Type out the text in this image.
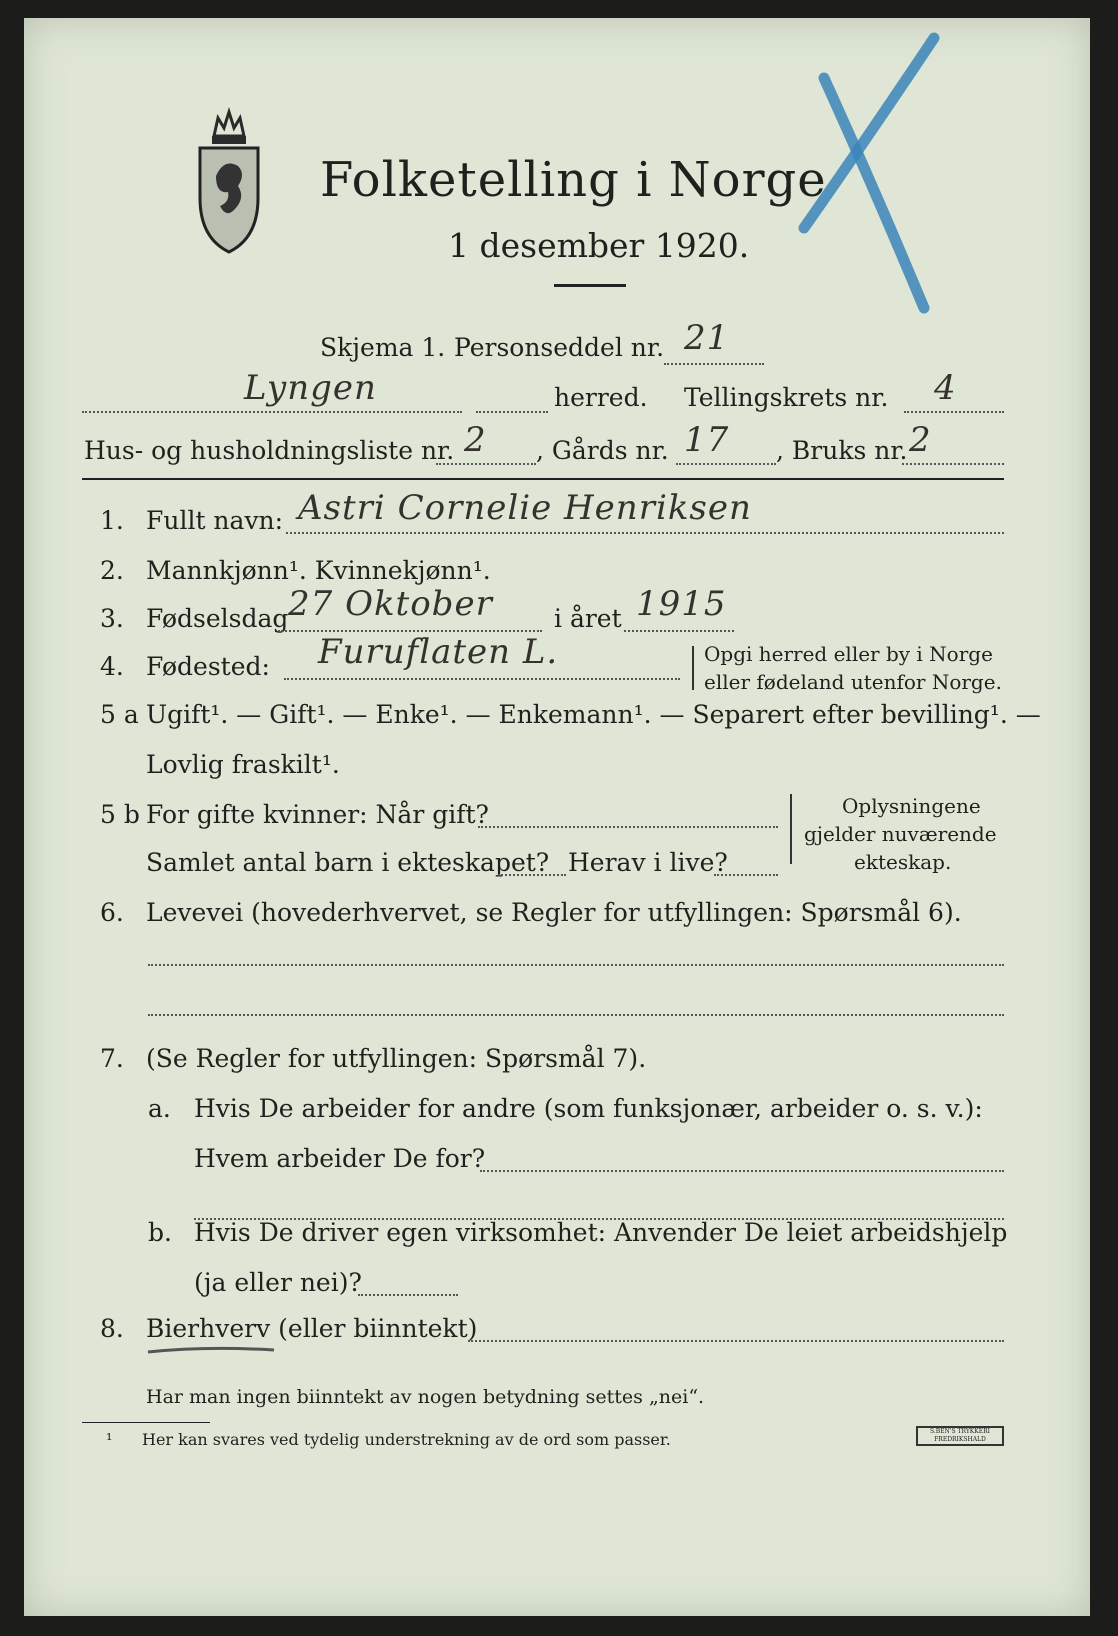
Folketelling i Norge
1 desember 1920.
Skjema 1. Personseddel nr. 21
Lyngen	herred. Tellingskrets nr. 4
Hus- og husholdningsliste nr. 2 , Gårds nr. 17 , Bruks nr. 2
1. Fullt navn: Astri Cornelie Henriksen
2. Mannkjønn¹. Kvinnekjønn¹.
3. Fødselsdag 27 Oktober i året 1915
4. Fødested: Furuflaten L.	Opgi herred eller by i Norge
eller fødeland utenfor Norge.
5 a Ugift¹. — Gift¹. — Enke¹. — Enkemann¹. — Separert efter bevilling¹. —
Lovlig fraskilt¹.
5 b For gifte kvinner: Når gift?
Samlet antal barn i ekteskapet? Herav i live?
Oplysningene
gjelder nuværende
ekteskap.
6. Levevei (hovederhvervet, se Regler for utfyllingen: Spørsmål 6).
7. (Se Regler for utfyllingen: Spørsmål 7).
a. Hvis De arbeider for andre (som funksjonær, arbeider o. s. v.):
Hvem arbeider De for?
b. Hvis De driver egen virksomhet: Anvender De leiet arbeidshjelp
(ja eller nei)?
8. Bierhverv (eller biinntekt)
Har man ingen biinntekt av nogen betydning settes „nei“.
¹ Her kan svares ved tydelig understrekning av de ord som passer.	S.BEN'S TRYKKERI FREDRIKSHALD
